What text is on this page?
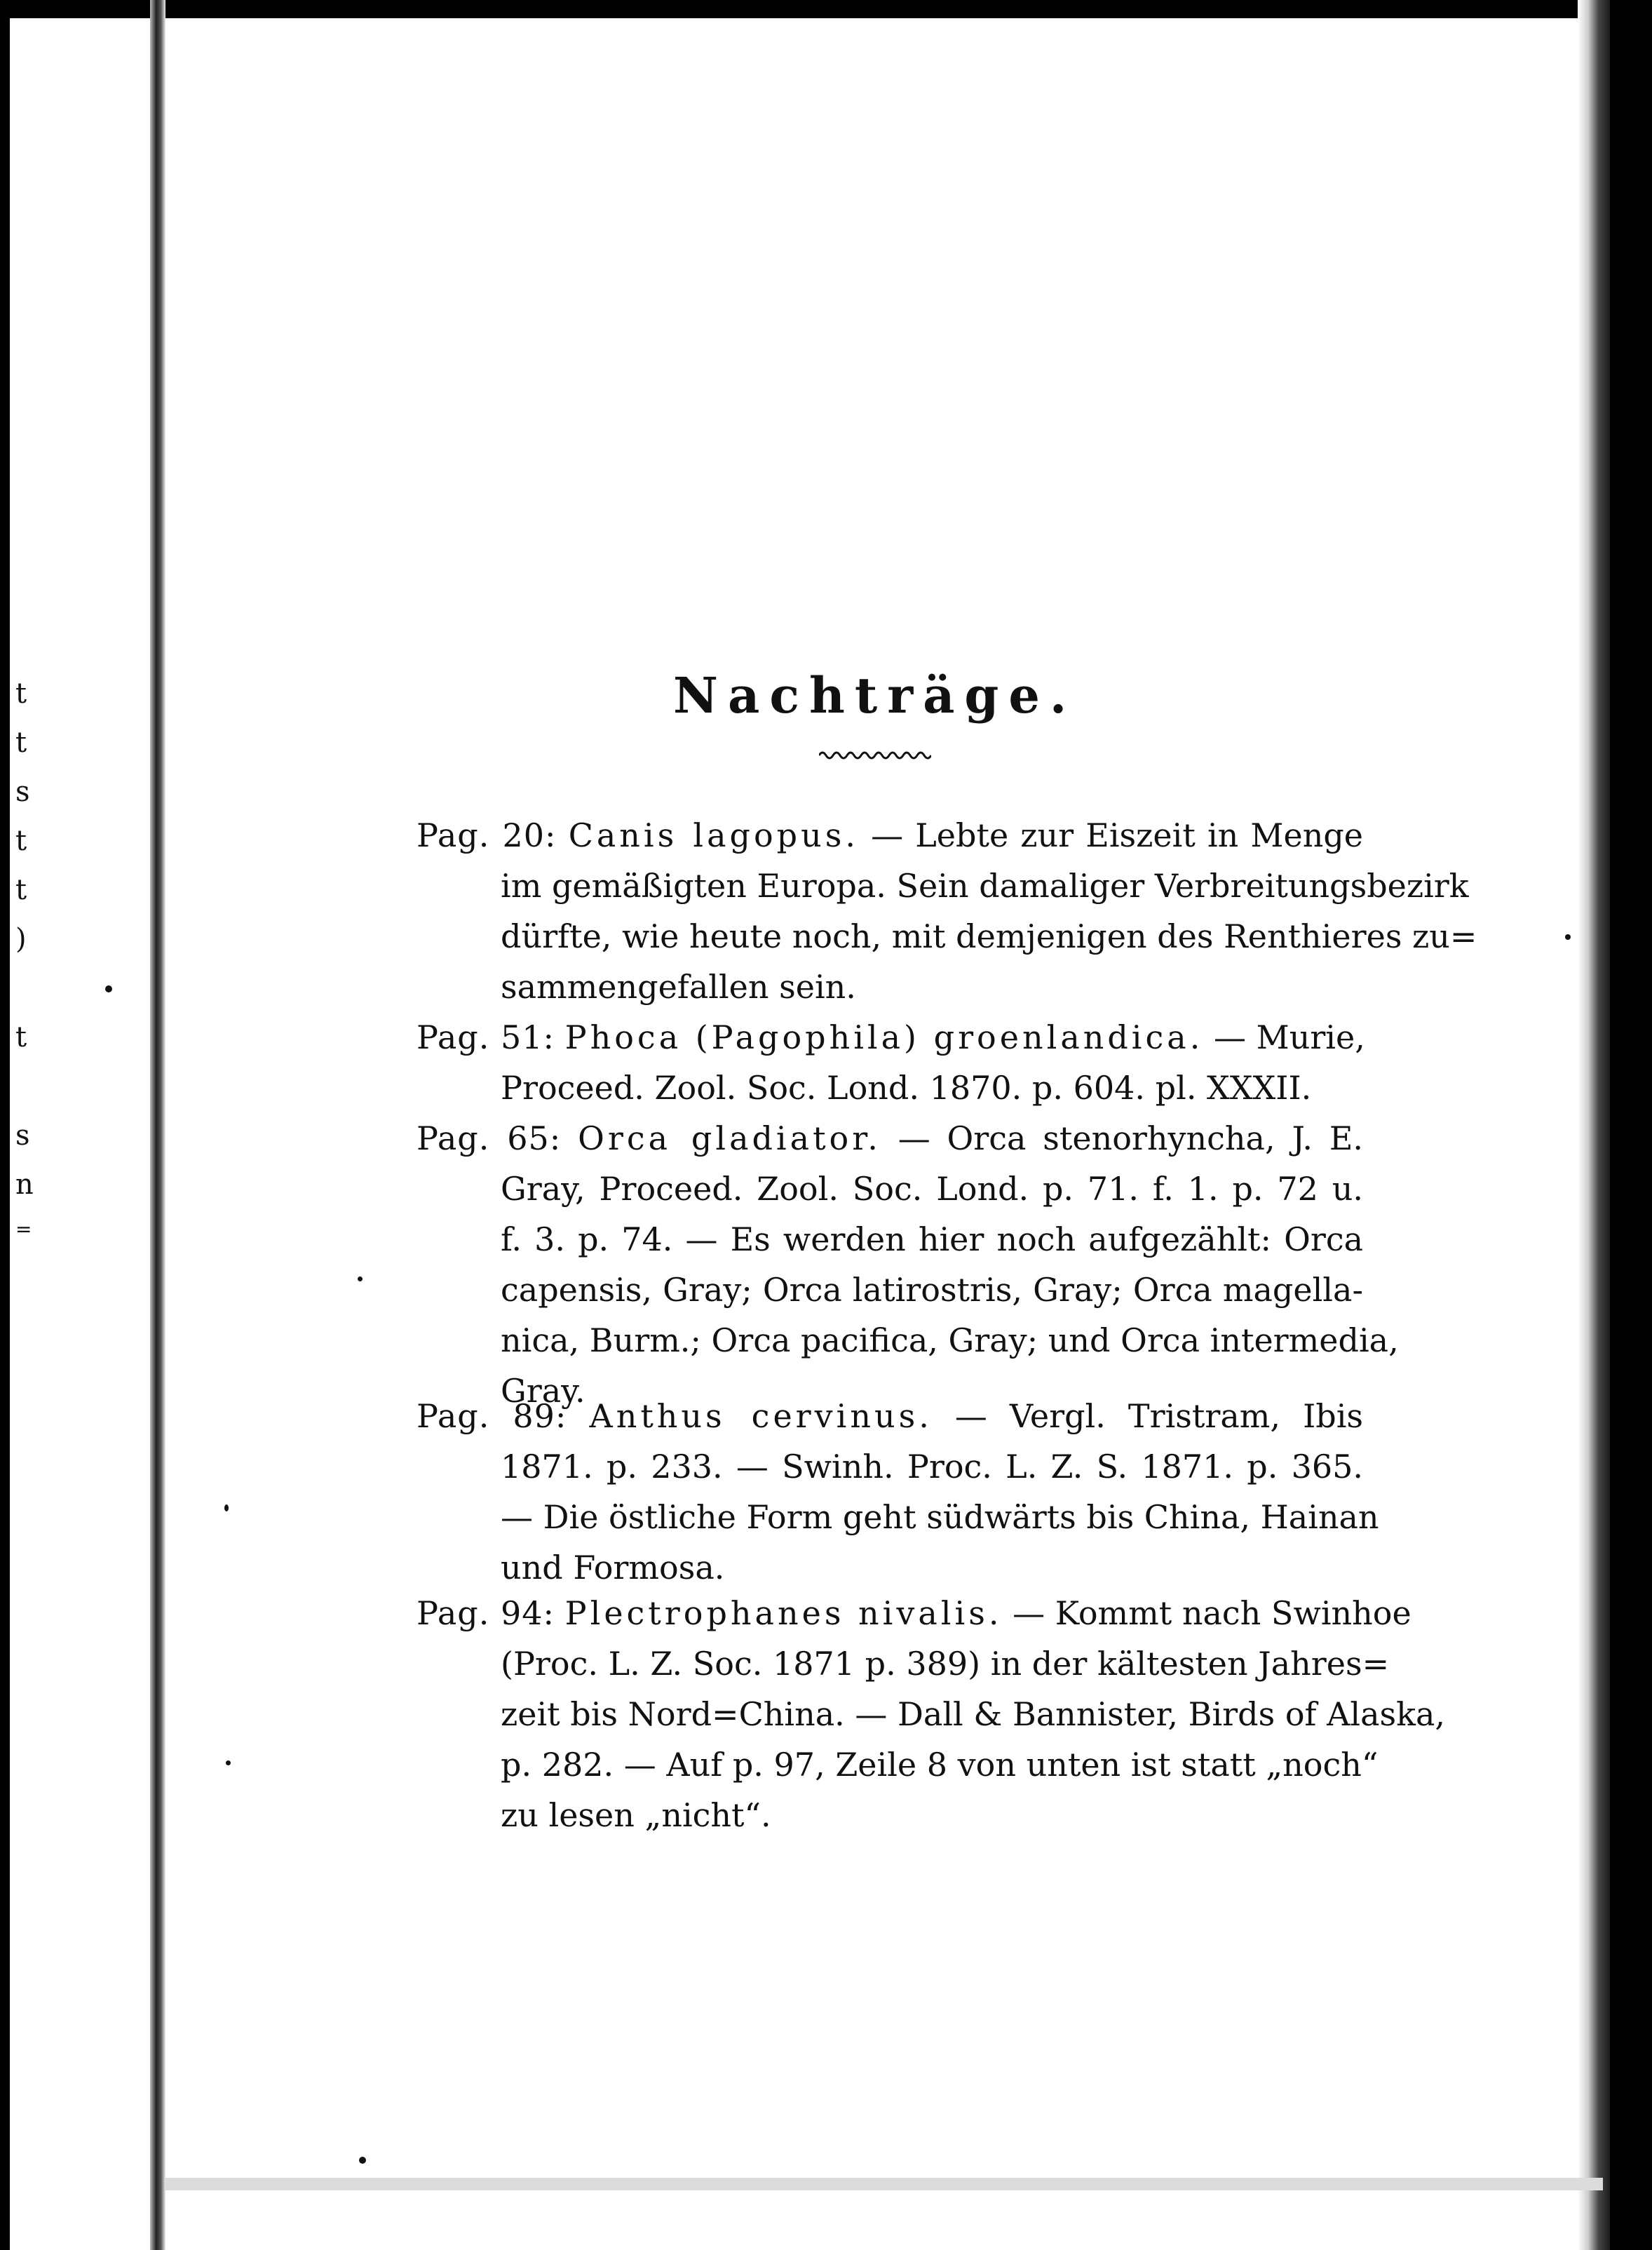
t
t
s
t
t
)
t
s
n
=
Nachträge.
Pag. 20: Canis lagopus. — Lebte zur Eiszeit in Menge
im gemäßigten Europa. Sein damaliger Verbreitungsbezirk
dürfte, wie heute noch, mit demjenigen des Renthieres zu=
sammengefallen sein.
Pag. 51: Phoca (Pagophila) groenlandica. — Murie,
Proceed. Zool. Soc. Lond. 1870. p. 604. pl. XXXII.
Pag. 65: Orca gladiator. — Orca stenorhyncha, J. E.
Gray, Proceed. Zool. Soc. Lond. p. 71. f. 1. p. 72 u.
f. 3. p. 74. — Es werden hier noch aufgezählt: Orca
capensis, Gray; Orca latirostris, Gray; Orca magella-
nica, Burm.; Orca pacifica, Gray; und Orca intermedia,
Gray.
Pag. 89: Anthus cervinus. — Vergl. Tristram, Ibis
1871. p. 233. — Swinh. Proc. L. Z. S. 1871. p. 365.
— Die östliche Form geht südwärts bis China, Hainan
und Formosa.
Pag. 94: Plectrophanes nivalis. — Kommt nach Swinhoe
(Proc. L. Z. Soc. 1871 p. 389) in der kältesten Jahres=
zeit bis Nord=China. — Dall & Bannister, Birds of Alaska,
p. 282. — Auf p. 97, Zeile 8 von unten ist statt „noch“
zu lesen „nicht“.
